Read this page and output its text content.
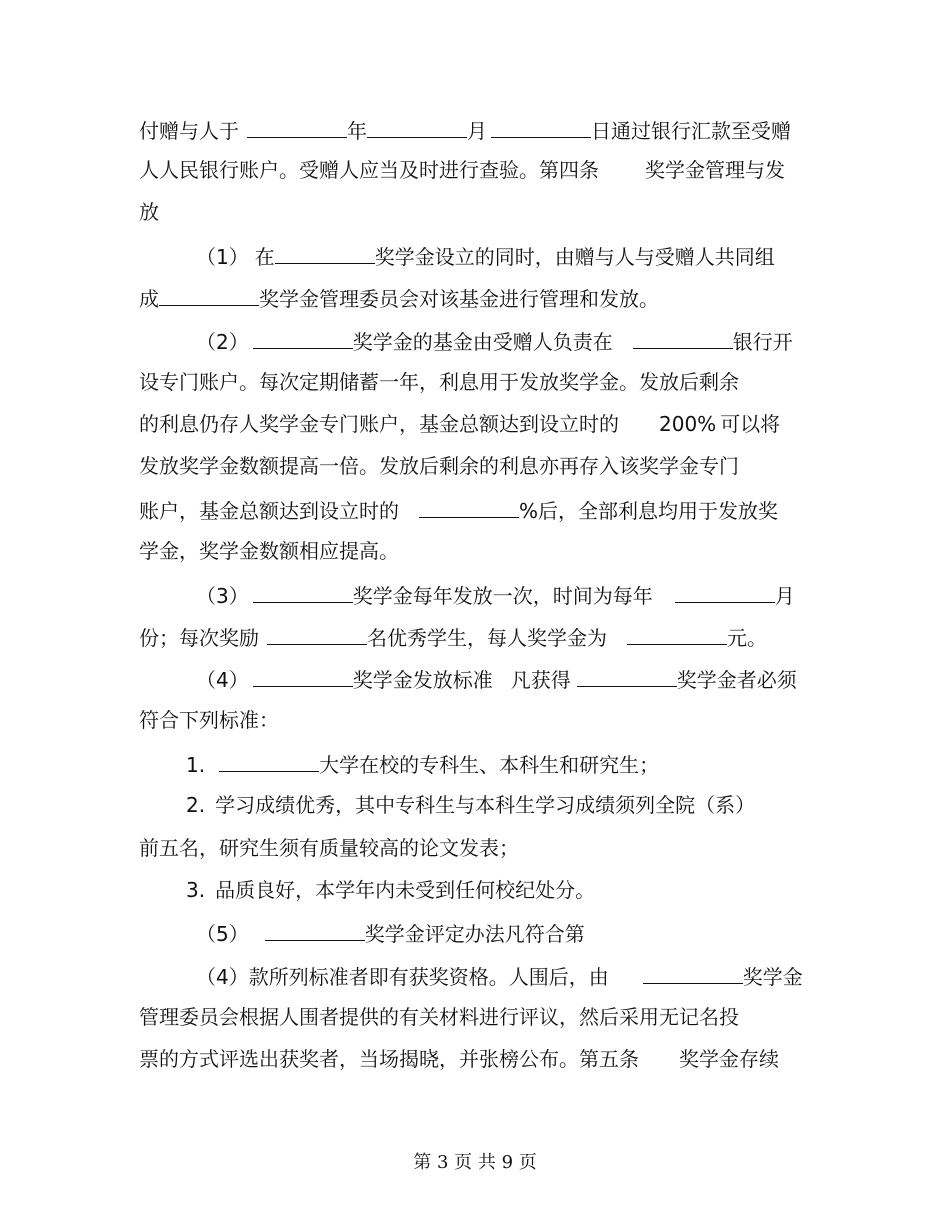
付赠与人于	年	月	日通过银行汇款至受赠
人人民银行账户。受赠人应当及时进行查验。第四条 奖学金管理与发
放
（1） 在	奖学金设立的同时，由赠与人与受赠人共同组
成	奖学金管理委员会对该基金进行管理和发放。
（2）	奖学金的基金由受赠人负责在	银行开
设专门账户。每次定期储蓄一年，利息用于发放奖学金。发放后剩余
的利息仍存人奖学金专门账户，基金总额达到设立时的 200% 可以将
发放奖学金数额提高一倍。发放后剩余的利息亦再存入该奖学金专门
账户，基金总额达到设立时的	%后，全部利息均用于发放奖
学金，奖学金数额相应提高。
（3）	奖学金每年发放一次，时间为每年	月
份；每次奖励	名优秀学生，每人奖学金为	元。
（4）	奖学金发放标准 凡获得	奖学金者必须
符合下列标准：
1.	大学在校的专科生、本科生和研究生；
2. 学习成绩优秀，其中专科生与本科生学习成绩须列全院（系）
前五名，研究生须有质量较高的论文发表；
3. 品质良好，本学年内未受到任何校纪处分。
（5）	奖学金评定办法凡符合第
（4）款所列标准者即有获奖资格。人围后，由	奖学金
管理委员会根据人围者提供的有关材料进行评议，然后采用无记名投
票的方式评选出获奖者，当场揭晓，并张榜公布。第五条 奖学金存续
第 3 页 共 9 页
